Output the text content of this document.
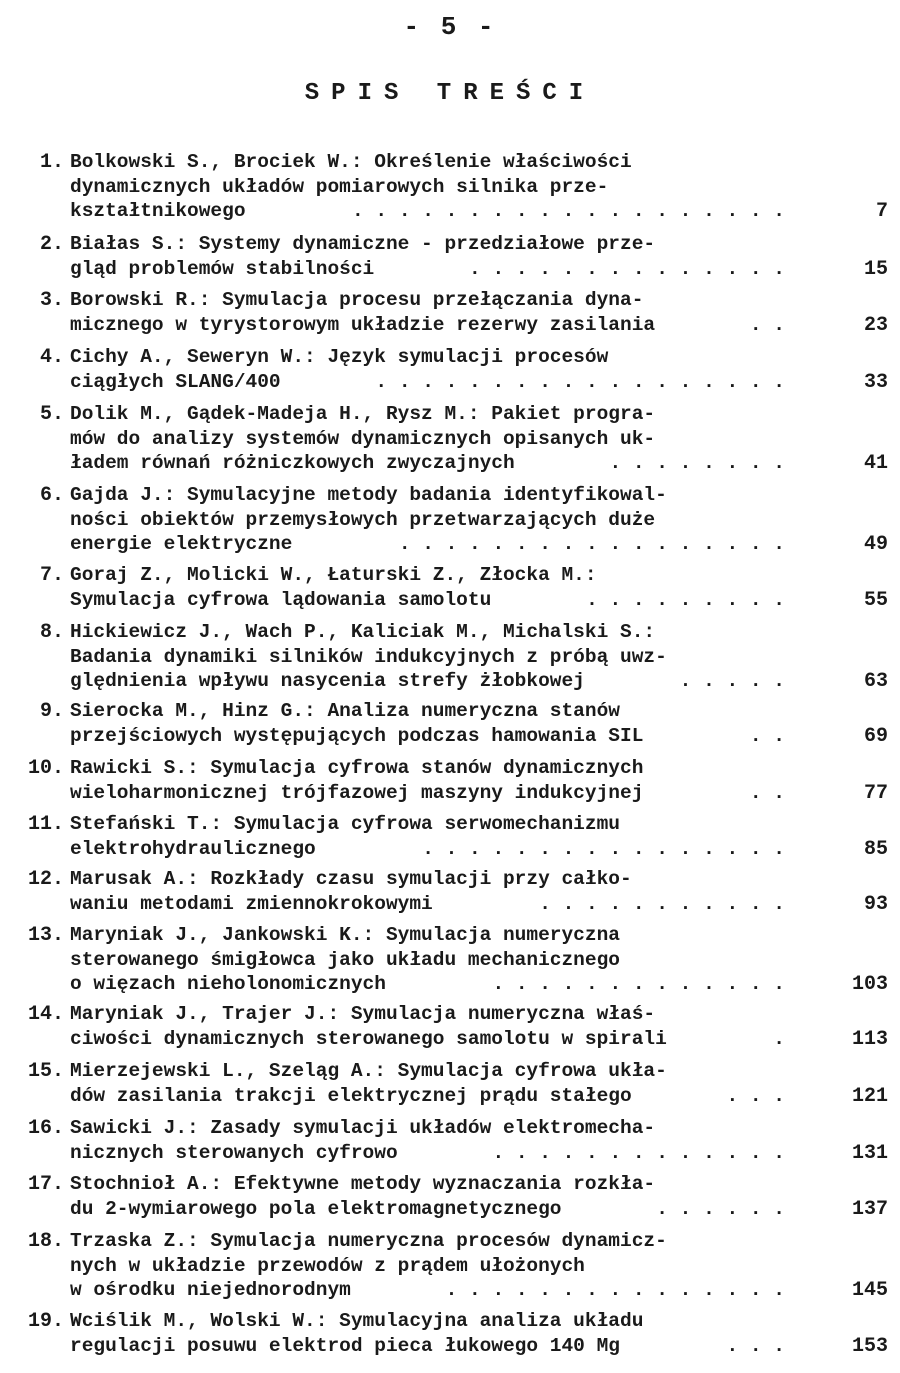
- 5 -
SPIS TREŚCI
1. Bolkowski S., Brociek W.: Określenie właściwości
dynamicznych układów pomiarowych silnika prze-
kształtnikowego	. . . . . . . . . . . . . . . . . . .	7
2. Białas S.: Systemy dynamiczne - przedziałowe prze-
gląd problemów stabilności	. . . . . . . . . . . . . .	15
3. Borowski R.: Symulacja procesu przełączania dyna-
micznego w tyrystorowym układzie rezerwy zasilania	. .	23
4. Cichy A., Seweryn W.: Język symulacji procesów
ciągłych SLANG/400	. . . . . . . . . . . . . . . . . .	33
5. Dolik M., Gądek-Madeja H., Rysz M.: Pakiet progra-
mów do analizy systemów dynamicznych opisanych uk-
ładem równań różniczkowych zwyczajnych	. . . . . . . .	41
6. Gajda J.: Symulacyjne metody badania identyfikowal-
ności obiektów przemysłowych przetwarzających duże
energie elektryczne	. . . . . . . . . . . . . . . . .	49
7. Goraj Z., Molicki W., Łaturski Z., Złocka M.:
Symulacja cyfrowa lądowania samolotu	. . . . . . . . .	55
8. Hickiewicz J., Wach P., Kaliciak M., Michalski S.:
Badania dynamiki silników indukcyjnych z próbą uwz-
ględnienia wpływu nasycenia strefy żłobkowej	. . . . .	63
9. Sierocka M., Hinz G.: Analiza numeryczna stanów
przejściowych występujących podczas hamowania SIL	. .	69
10. Rawicki S.: Symulacja cyfrowa stanów dynamicznych
wieloharmonicznej trójfazowej maszyny indukcyjnej	. .	77
11. Stefański T.: Symulacja cyfrowa serwomechanizmu
elektrohydraulicznego	. . . . . . . . . . . . . . . .	85
12. Marusak A.: Rozkłady czasu symulacji przy całko-
waniu metodami zmiennokrokowymi	. . . . . . . . . . .	93
13. Maryniak J., Jankowski K.: Symulacja numeryczna
sterowanego śmigłowca jako układu mechanicznego
o więzach nieholonomicznych	. . . . . . . . . . . . .	103
14. Maryniak J., Trajer J.: Symulacja numeryczna właś-
ciwości dynamicznych sterowanego samolotu w spirali	.	113
15. Mierzejewski L., Szeląg A.: Symulacja cyfrowa ukła-
dów zasilania trakcji elektrycznej prądu stałego	. . .	121
16. Sawicki J.: Zasady symulacji układów elektromecha-
nicznych sterowanych cyfrowo	. . . . . . . . . . . . .	131
17. Stochnioł A.: Efektywne metody wyznaczania rozkła-
du 2-wymiarowego pola elektromagnetycznego	. . . . . .	137
18. Trzaska Z.: Symulacja numeryczna procesów dynamicz-
nych w układzie przewodów z prądem ułożonych
w ośrodku niejednorodnym	. . . . . . . . . . . . . . .	145
19. Wciślik M., Wolski W.: Symulacyjna analiza układu
regulacji posuwu elektrod pieca łukowego 140 Mg	. . .	153
